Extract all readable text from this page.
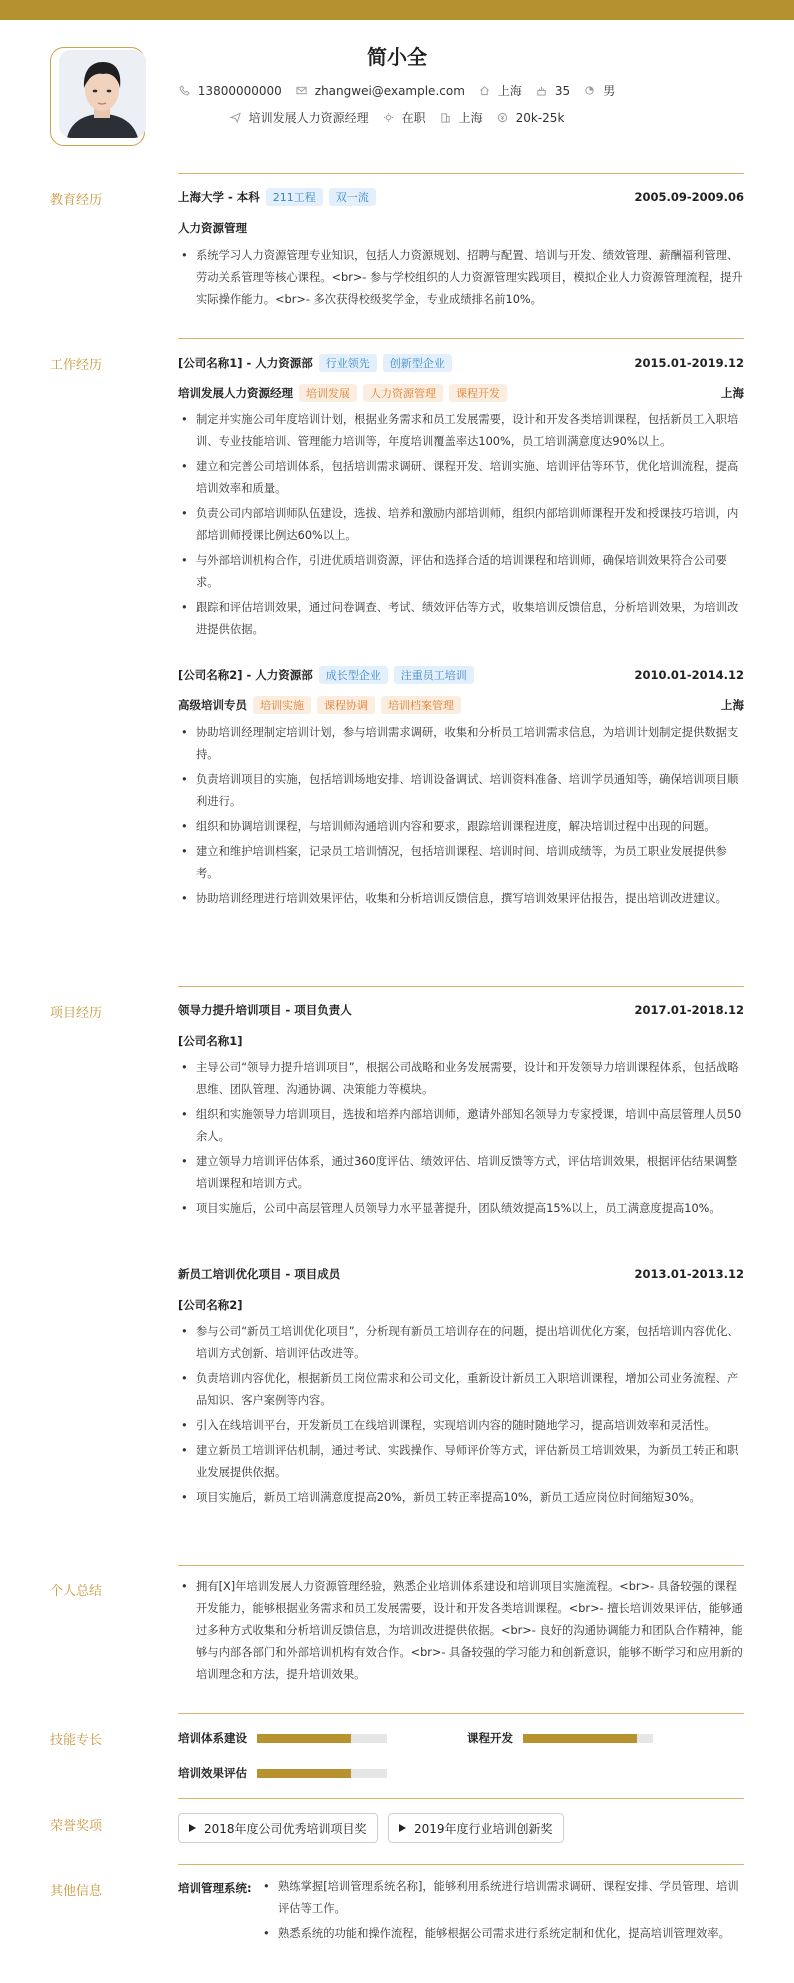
简小全
13800000000	zhangwei@example.com	上海	35	男
培训发展人力资源经理	在职	上海	20k-25k
教育经历	上海大学 - 本科	211工程	双一流	2005.09-2009.06
人力资源管理
• 系统学习人力资源管理专业知识，包括人力资源规划、招聘与配置、培训与开发、绩效管理、薪酬福利管理、劳动关系管理等核心课程。<br>- 参与学校组织的人力资源管理实践项目，模拟企业人力资源管理流程，提升实际操作能力。<br>- 多次获得校级奖学金，专业成绩排名前10%。
工作经历	[公司名称1] - 人力资源部	行业领先	创新型企业	2015.01-2019.12
培训发展人力资源经理	培训发展	人力资源管理	课程开发	上海
• 制定并实施公司年度培训计划，根据业务需求和员工发展需要，设计和开发各类培训课程，包括新员工入职培训、专业技能培训、管理能力培训等，年度培训覆盖率达100%，员工培训满意度达90%以上。
• 建立和完善公司培训体系，包括培训需求调研、课程开发、培训实施、培训评估等环节，优化培训流程，提高培训效率和质量。
• 负责公司内部培训师队伍建设，选拔、培养和激励内部培训师，组织内部培训师课程开发和授课技巧培训，内部培训师授课比例达60%以上。
• 与外部培训机构合作，引进优质培训资源，评估和选择合适的培训课程和培训师，确保培训效果符合公司要求。
• 跟踪和评估培训效果，通过问卷调查、考试、绩效评估等方式，收集培训反馈信息，分析培训效果，为培训改进提供依据。
[公司名称2] - 人力资源部	成长型企业	注重员工培训	2010.01-2014.12
高级培训专员	培训实施	课程协调	培训档案管理	上海
• 协助培训经理制定培训计划，参与培训需求调研，收集和分析员工培训需求信息，为培训计划制定提供数据支持。
• 负责培训项目的实施，包括培训场地安排、培训设备调试、培训资料准备、培训学员通知等，确保培训项目顺利进行。
• 组织和协调培训课程，与培训师沟通培训内容和要求，跟踪培训课程进度，解决培训过程中出现的问题。
• 建立和维护培训档案，记录员工培训情况，包括培训课程、培训时间、培训成绩等，为员工职业发展提供参考。
• 协助培训经理进行培训效果评估，收集和分析培训反馈信息，撰写培训效果评估报告，提出培训改进建议。
项目经历	领导力提升培训项目 - 项目负责人	2017.01-2018.12
[公司名称1]
• 主导公司“领导力提升培训项目”，根据公司战略和业务发展需要，设计和开发领导力培训课程体系，包括战略思维、团队管理、沟通协调、决策能力等模块。
• 组织和实施领导力培训项目，选拔和培养内部培训师，邀请外部知名领导力专家授课，培训中高层管理人员50余人。
• 建立领导力培训评估体系，通过360度评估、绩效评估、培训反馈等方式，评估培训效果，根据评估结果调整培训课程和培训方式。
• 项目实施后，公司中高层管理人员领导力水平显著提升，团队绩效提高15%以上，员工满意度提高10%。
新员工培训优化项目 - 项目成员	2013.01-2013.12
[公司名称2]
• 参与公司“新员工培训优化项目”，分析现有新员工培训存在的问题，提出培训优化方案，包括培训内容优化、培训方式创新、培训评估改进等。
• 负责培训内容优化，根据新员工岗位需求和公司文化，重新设计新员工入职培训课程，增加公司业务流程、产品知识、客户案例等内容。
• 引入在线培训平台，开发新员工在线培训课程，实现培训内容的随时随地学习，提高培训效率和灵活性。
• 建立新员工培训评估机制，通过考试、实践操作、导师评价等方式，评估新员工培训效果，为新员工转正和职业发展提供依据。
• 项目实施后，新员工培训满意度提高20%，新员工转正率提高10%，新员工适应岗位时间缩短30%。
个人总结	• 拥有[X]年培训发展人力资源管理经验，熟悉企业培训体系建设和培训项目实施流程。<br>- 具备较强的课程开发能力，能够根据业务需求和员工发展需要，设计和开发各类培训课程。<br>- 擅长培训效果评估，能够通过多种方式收集和分析培训反馈信息，为培训改进提供依据。<br>- 良好的沟通协调能力和团队合作精神，能够与内部各部门和外部培训机构有效合作。<br>- 具备较强的学习能力和创新意识，能够不断学习和应用新的培训理念和方法，提升培训效果。
技能专长	培训体系建设	课程开发
培训效果评估
荣誉奖项	2018年度公司优秀培训项目奖	2019年度行业培训创新奖
其他信息	培训管理系统:	• 熟练掌握[培训管理系统名称]，能够利用系统进行培训需求调研、课程安排、学员管理、培训评估等工作。
• 熟悉系统的功能和操作流程，能够根据公司需求进行系统定制和优化，提高培训管理效率。
